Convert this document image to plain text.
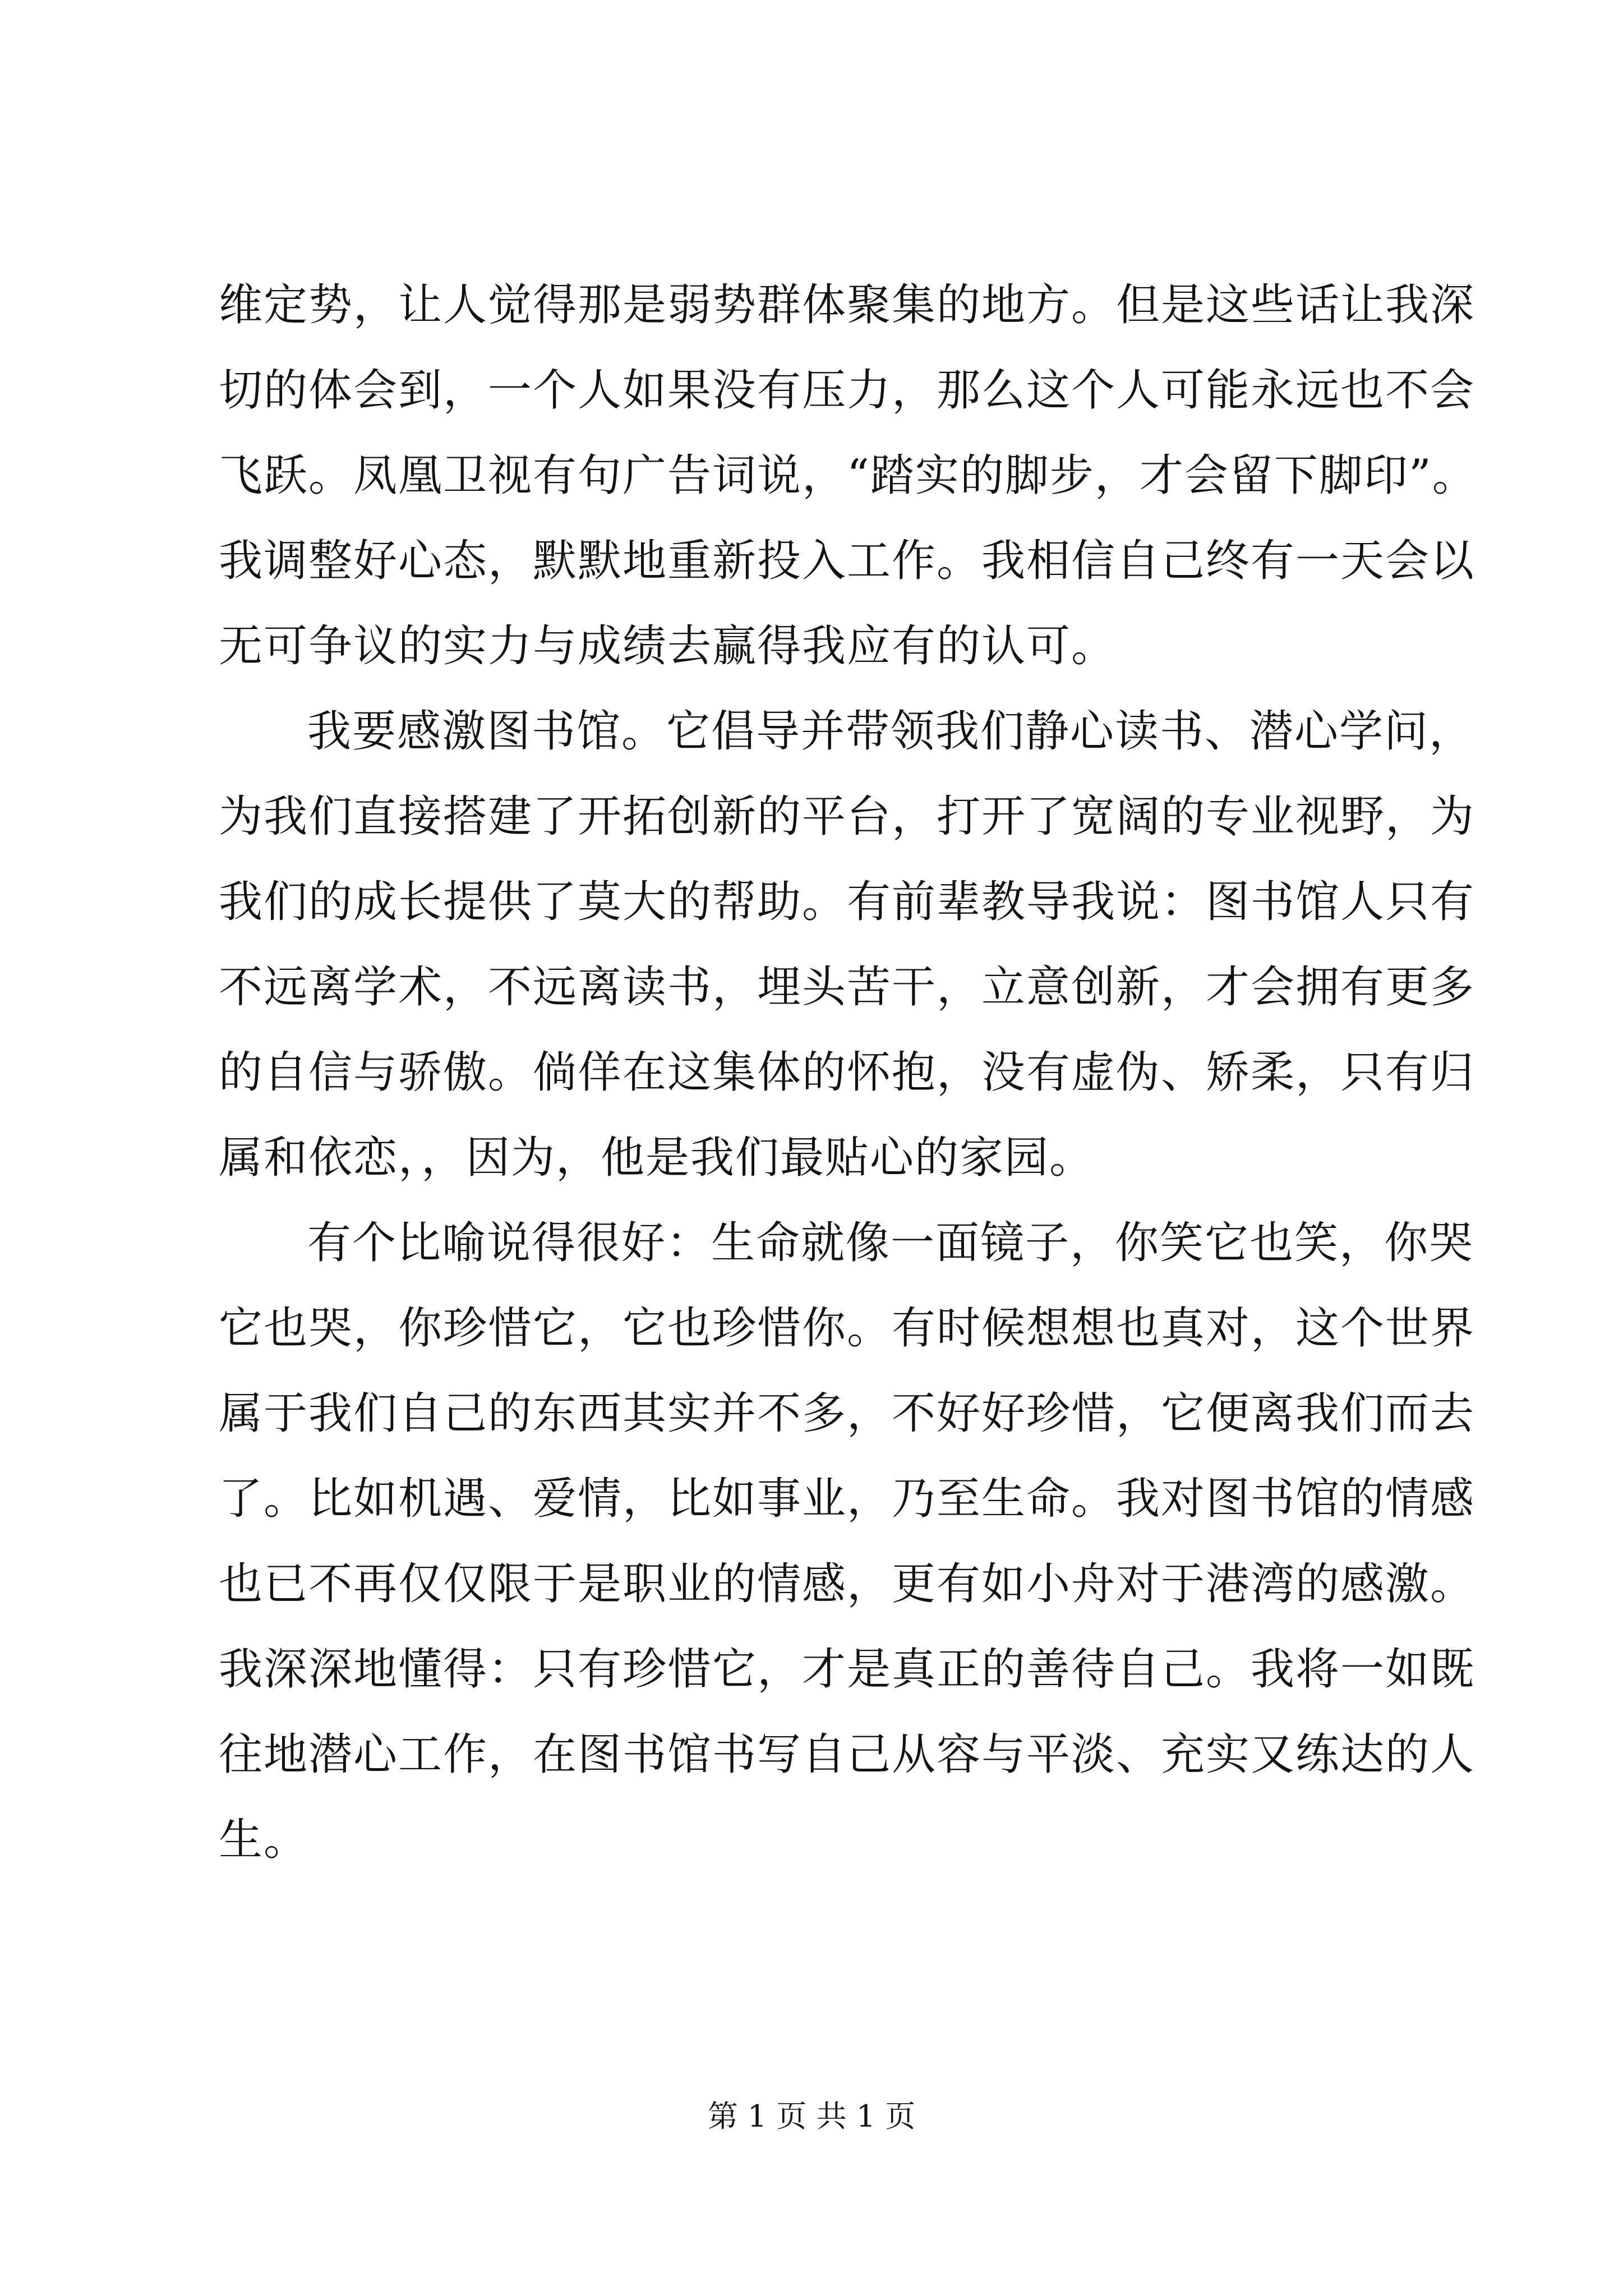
维定势，让人觉得那是弱势群体聚集的地方。但是这些话让我深
切的体会到，一个人如果没有压力，那么这个人可能永远也不会
飞跃。凤凰卫视有句广告词说，“踏实的脚步，才会留下脚印”。
我调整好心态，默默地重新投入工作。我相信自己终有一天会以
无可争议的实力与成绩去赢得我应有的认可。
我要感激图书馆。它倡导并带领我们静心读书、潜心学问，
为我们直接搭建了开拓创新的平台，打开了宽阔的专业视野，为
我们的成长提供了莫大的帮助。有前辈教导我说：图书馆人只有
不远离学术，不远离读书，埋头苦干，立意创新，才会拥有更多
的自信与骄傲。倘佯在这集体的怀抱，没有虚伪、矫柔，只有归
属和依恋，，因为，他是我们最贴心的家园。
有个比喻说得很好：生命就像一面镜子，你笑它也笑，你哭
它也哭，你珍惜它，它也珍惜你。有时候想想也真对，这个世界
属于我们自己的东西其实并不多，不好好珍惜，它便离我们而去
了。比如机遇、爱情，比如事业，乃至生命。我对图书馆的情感
也已不再仅仅限于是职业的情感，更有如小舟对于港湾的感激。
我深深地懂得：只有珍惜它，才是真正的善待自己。我将一如既
往地潜心工作，在图书馆书写自己从容与平淡、充实又练达的人
生。
第 1 页 共 1 页
